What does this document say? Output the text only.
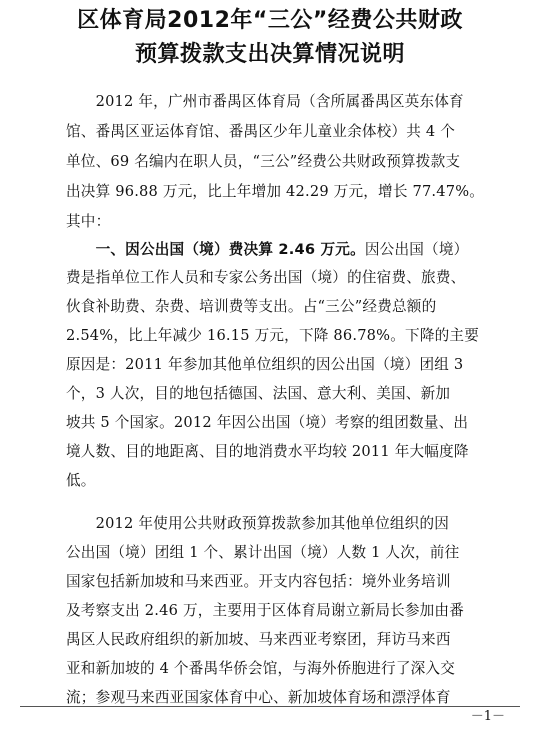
区体育局2012年“三公”经费公共财政
预算拨款支出决算情况说明
　　2012 年，广州市番禺区体育局（含所属番禺区英东体育
馆、番禺区亚运体育馆、番禺区少年儿童业余体校）共 4 个
单位、69 名编内在职人员，“三公”经费公共财政预算拨款支
出决算 96.88 万元，比上年增加 42.29 万元，增长 77.47%。
其中：
　　一、因公出国（境）费决算 2.46 万元。因公出国（境）
费是指单位工作人员和专家公务出国（境）的住宿费、旅费、
伙食补助费、杂费、培训费等支出。占“三公”经费总额的
2.54%，比上年减少 16.15 万元，下降 86.78%。下降的主要
原因是：2011 年参加其他单位组织的因公出国（境）团组 3
个，3 人次，目的地包括德国、法国、意大利、美国、新加
坡共 5 个国家。2012 年因公出国（境）考察的组团数量、出
境人数、目的地距离、目的地消费水平均较 2011 年大幅度降
低。
　　2012 年使用公共财政预算拨款参加其他单位组织的因
公出国（境）团组 1 个、累计出国（境）人数 1 人次，前往
国家包括新加坡和马来西亚。开支内容包括：境外业务培训
及考察支出 2.46 万，主要用于区体育局谢立新局长参加由番
禺区人民政府组织的新加坡、马来西亚考察团，拜访马来西
亚和新加坡的 4 个番禺华侨会馆，与海外侨胞进行了深入交
流；参观马来西亚国家体育中心、新加坡体育场和漂浮体育
－1－
